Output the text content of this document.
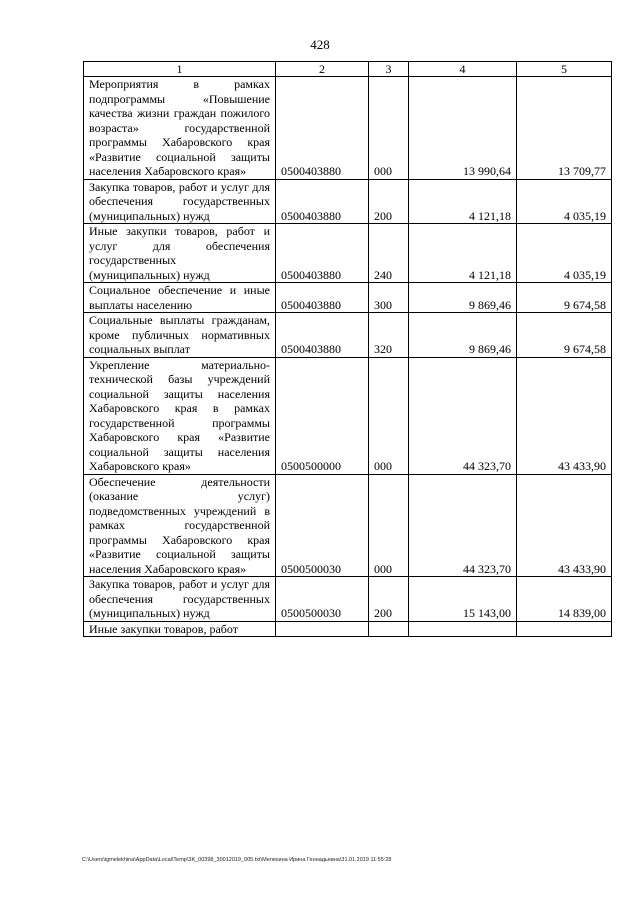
428
1	2	3	4	5
Мероприятия в рамках подпрограммы «Повышение качества жизни граждан пожилого возраста» государственной программы Хабаровского края «Развитие социальной защиты населения Хабаровского края»	0500403880	000	13 990,64	13 709,77
Закупка товаров, работ и услуг для обеспечения государственных (муниципальных) нужд	0500403880	200	4 121,18	4 035,19
Иные закупки товаров, работ и услуг для обеспечения государственных (муниципальных) нужд	0500403880	240	4 121,18	4 035,19
Социальное обеспечение и иные выплаты населению	0500403880	300	9 869,46	9 674,58
Социальные выплаты гражданам, кроме публичных нормативных социальных выплат	0500403880	320	9 869,46	9 674,58
Укрепление материально-технической базы учреждений социальной защиты населения Хабаровского края в рамках государственной программы Хабаровского края «Развитие социальной защиты населения Хабаровского края»	0500500000	000	44 323,70	43 433,90
Обеспечение деятельности (оказание услуг) подведомственных учреждений в рамках государственной программы Хабаровского края «Развитие социальной защиты населения Хабаровского края»	0500500030	000	44 323,70	43 433,90
Закупка товаров, работ и услуг для обеспечения государственных (муниципальных) нужд	0500500030	200	15 143,00	14 839,00
Иные закупки товаров, работ				
C:\Users\igmelekhina\AppData\Local\Temp\3K_00398_30012019_005.txt\Мелехина Ирина Геннадьевна\31.01.2019 11:55:28
